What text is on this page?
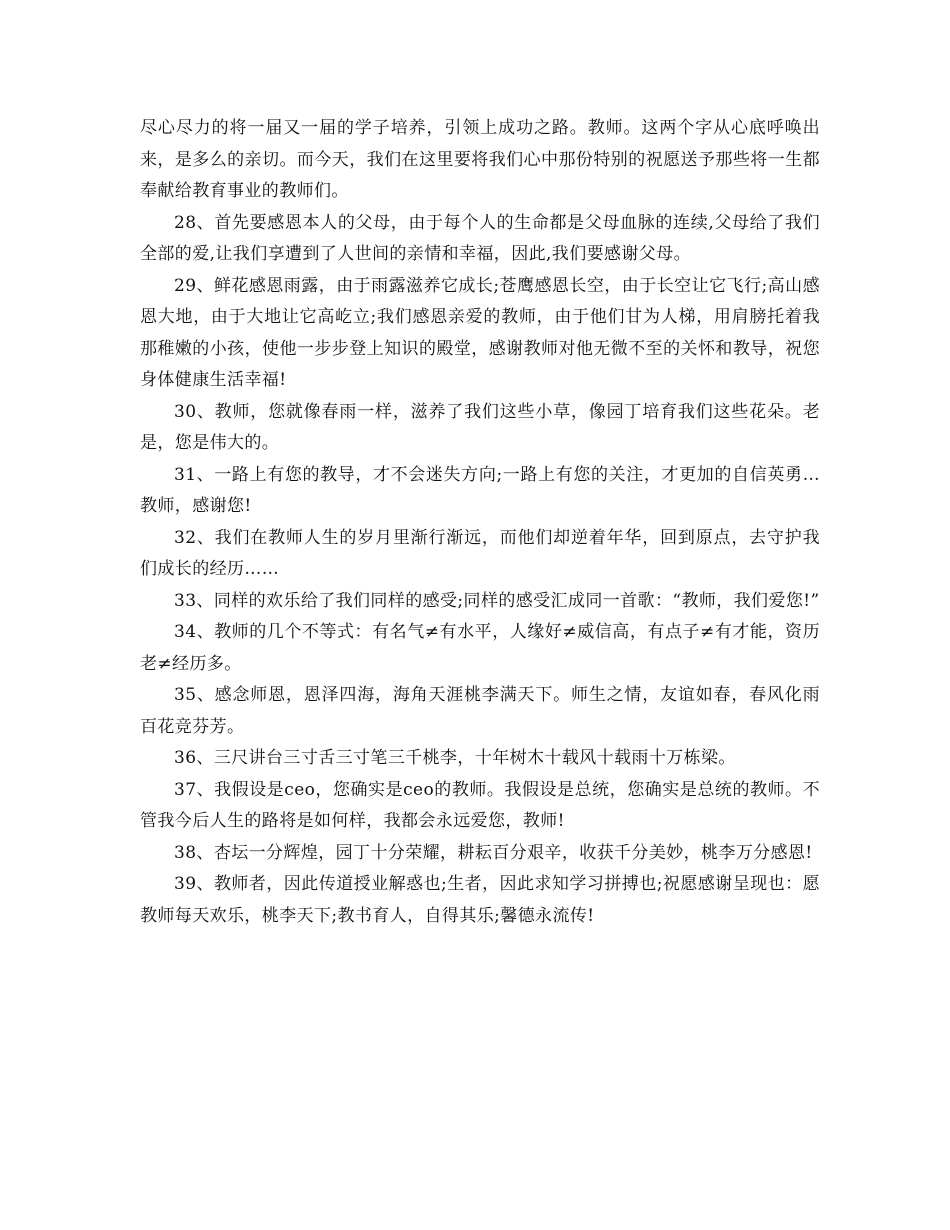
尽心尽力的将一届又一届的学子培养，引领上成功之路。教师。这两个字从心底呼唤出来，是多么的亲切。而今天，我们在这里要将我们心中那份特别的祝愿送予那些将一生都奉献给教育事业的教师们。

28、首先要感恩本人的父母，由于每个人的生命都是父母血脉的连续,父母给了我们全部的爱,让我们享遭到了人世间的亲情和幸福，因此,我们要感谢父母。

29、鲜花感恩雨露，由于雨露滋养它成长;苍鹰感恩长空，由于长空让它飞行;高山感恩大地，由于大地让它高屹立;我们感恩亲爱的教师，由于他们甘为人梯，用肩膀托着我那稚嫩的小孩，使他一步步登上知识的殿堂，感谢教师对他无微不至的关怀和教导，祝您身体健康生活幸福!

30、教师，您就像春雨一样，滋养了我们这些小草，像园丁培育我们这些花朵。老是，您是伟大的。

31、一路上有您的教导，才不会迷失方向;一路上有您的关注，才更加的自信英勇…教师，感谢您!

32、我们在教师人生的岁月里渐行渐远，而他们却逆着年华，回到原点，去守护我们成长的经历……

33、同样的欢乐给了我们同样的感受;同样的感受汇成同一首歌：“教师，我们爱您!”

34、教师的几个不等式：有名气≠有水平，人缘好≠威信高，有点子≠有才能，资历老≠经历多。

35、感念师恩，恩泽四海，海角天涯桃李满天下。师生之情，友谊如春，春风化雨百花竞芬芳。

36、三尺讲台三寸舌三寸笔三千桃李，十年树木十载风十载雨十万栋梁。

37、我假设是ceo，您确实是ceo的教师。我假设是总统，您确实是总统的教师。不管我今后人生的路将是如何样，我都会永远爱您，教师!

38、杏坛一分辉煌，园丁十分荣耀，耕耘百分艰辛，收获千分美妙，桃李万分感恩!

39、教师者，因此传道授业解惑也;生者，因此求知学习拼搏也;祝愿感谢呈现也：愿教师每天欢乐，桃李天下;教书育人，自得其乐;馨德永流传!
